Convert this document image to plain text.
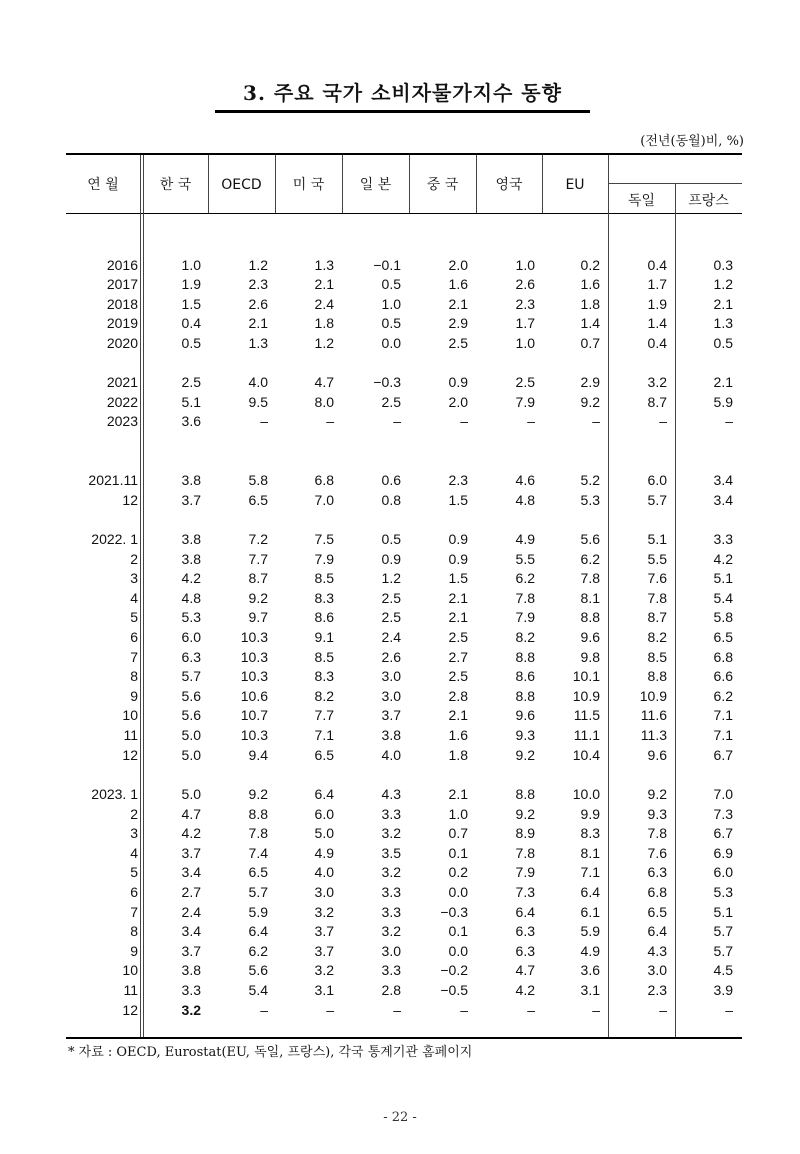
3. 주요 국가 소비자물가지수 동향
(전년(동월)비, %)
연 월	한 국	OECD	미 국	일 본	중 국	영국	EU
독일	프랑스
2016	1.0	1.2	1.3	−0.1	2.0	1.0	0.2	0.4	0.3
2017	1.9	2.3	2.1	0.5	1.6	2.6	1.6	1.7	1.2
2018	1.5	2.6	2.4	1.0	2.1	2.3	1.8	1.9	2.1
2019	0.4	2.1	1.8	0.5	2.9	1.7	1.4	1.4	1.3
2020	0.5	1.3	1.2	0.0	2.5	1.0	0.7	0.4	0.5
2021	2.5	4.0	4.7	−0.3	0.9	2.5	2.9	3.2	2.1
2022	5.1	9.5	8.0	2.5	2.0	7.9	9.2	8.7	5.9
2023	3.6	–	–	–	–	–	–	–	–
2021.11	3.8	5.8	6.8	0.6	2.3	4.6	5.2	6.0	3.4
12	3.7	6.5	7.0	0.8	1.5	4.8	5.3	5.7	3.4
2022. 1	3.8	7.2	7.5	0.5	0.9	4.9	5.6	5.1	3.3
2	3.8	7.7	7.9	0.9	0.9	5.5	6.2	5.5	4.2
3	4.2	8.7	8.5	1.2	1.5	6.2	7.8	7.6	5.1
4	4.8	9.2	8.3	2.5	2.1	7.8	8.1	7.8	5.4
5	5.3	9.7	8.6	2.5	2.1	7.9	8.8	8.7	5.8
6	6.0	10.3	9.1	2.4	2.5	8.2	9.6	8.2	6.5
7	6.3	10.3	8.5	2.6	2.7	8.8	9.8	8.5	6.8
8	5.7	10.3	8.3	3.0	2.5	8.6	10.1	8.8	6.6
9	5.6	10.6	8.2	3.0	2.8	8.8	10.9	10.9	6.2
10	5.6	10.7	7.7	3.7	2.1	9.6	11.5	11.6	7.1
11	5.0	10.3	7.1	3.8	1.6	9.3	11.1	11.3	7.1
12	5.0	9.4	6.5	4.0	1.8	9.2	10.4	9.6	6.7
2023. 1	5.0	9.2	6.4	4.3	2.1	8.8	10.0	9.2	7.0
2	4.7	8.8	6.0	3.3	1.0	9.2	9.9	9.3	7.3
3	4.2	7.8	5.0	3.2	0.7	8.9	8.3	7.8	6.7
4	3.7	7.4	4.9	3.5	0.1	7.8	8.1	7.6	6.9
5	3.4	6.5	4.0	3.2	0.2	7.9	7.1	6.3	6.0
6	2.7	5.7	3.0	3.3	0.0	7.3	6.4	6.8	5.3
7	2.4	5.9	3.2	3.3	−0.3	6.4	6.1	6.5	5.1
8	3.4	6.4	3.7	3.2	0.1	6.3	5.9	6.4	5.7
9	3.7	6.2	3.7	3.0	0.0	6.3	4.9	4.3	5.7
10	3.8	5.6	3.2	3.3	−0.2	4.7	3.6	3.0	4.5
11	3.3	5.4	3.1	2.8	−0.5	4.2	3.1	2.3	3.9
12	3.2	–	–	–	–	–	–	–	–
* 자료 : OECD, Eurostat(EU, 독일, 프랑스), 각국 통계기관 홈페이지
- 22 -
